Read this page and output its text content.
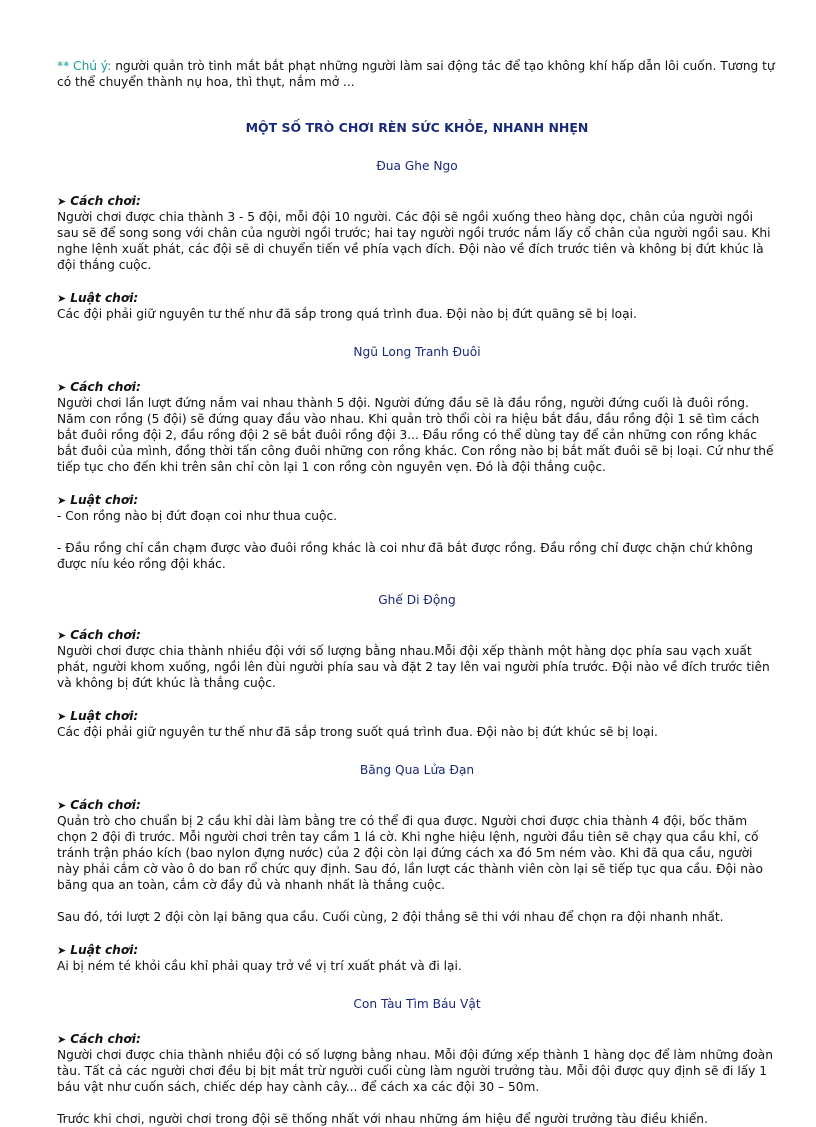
** Chú ý: người quản trò tinh mắt bắt phạt những người làm sai động tác để tạo không khí hấp dẫn lôi cuốn. Tương tự có thể chuyển thành nụ hoa, thì thụt, nắm mở ...

MỘT SỐ TRÒ CHƠI RÈN SỨC KHỎE, NHANH NHẸN

Đua Ghe Ngo

➤ Cách chơi:

Người chơi được chia thành 3 - 5 đội, mỗi đội 10 người. Các đội sẽ ngồi xuống theo hàng dọc, chân của người ngồi sau sẽ để song song với chân của người ngồi trước; hai tay người ngồi trước nắm lấy cổ chân của người ngồi sau. Khi nghe lệnh xuất phát, các đội sẽ di chuyển tiến về phía vạch đích. Đội nào về đích trước tiên và không bị đứt khúc là đội thắng cuộc.

➤ Luật chơi:

Các đội phải giữ nguyên tư thế như đã sắp trong quá trình đua. Đội nào bị đứt quãng sẽ bị loại.

Ngũ Long Tranh Đuôi

➤ Cách chơi:

Người chơi lần lượt đứng nắm vai nhau thành 5 đội. Người đứng đầu sẽ là đầu rồng, người đứng cuối là đuôi rồng. Năm con rồng (5 đội) sẽ đứng quay đầu vào nhau. Khi quản trò thổi còi ra hiệu bắt đầu, đầu rồng đội 1 sẽ tìm cách bắt đuôi rồng đội 2, đầu rồng đội 2 sẽ bắt đuôi rồng đội 3... Đầu rồng có thể dùng tay để cản những con rồng khác bắt đuôi của mình, đồng thời tấn công đuôi những con rồng khác. Con rồng nào bị bắt mất đuôi sẽ bị loại. Cứ như thế tiếp tục cho đến khi trên sân chỉ còn lại 1 con rồng còn nguyên vẹn. Đó là đội thắng cuộc.

➤ Luật chơi:

- Con rồng nào bị đứt đoạn coi như thua cuộc.

- Đầu rồng chỉ cần chạm được vào đuôi rồng khác là coi như đã bắt được rồng. Đầu rồng chỉ được chặn chứ không được níu kéo rồng đội khác.

Ghế Di Động

➤ Cách chơi:

Người chơi được chia thành nhiều đội với số lượng bằng nhau.Mỗi đội xếp thành một hàng dọc phía sau vạch xuất phát, người khom xuống, ngồi lên đùi người phía sau và đặt 2 tay lên vai người phía trước. Đội nào về đích trước tiên và không bị đứt khúc là thắng cuộc.

➤ Luật chơi:

Các đội phải giữ nguyên tư thế như đã sắp trong suốt quá trình đua. Đội nào bị đứt khúc sẽ bị loại.

Băng Qua Lửa Đạn

➤ Cách chơi:

Quản trò cho chuẩn bị 2 cầu khỉ dài làm bằng tre có thể đi qua được. Người chơi được chia thành 4 đội, bốc thăm chọn 2 đội đi trước. Mỗi người chơi trên tay cầm 1 lá cờ. Khi nghe hiệu lệnh, người đầu tiên sẽ chạy qua cầu khỉ, cố tránh trận pháo kích (bao nylon đựng nước) của 2 đội còn lại đứng cách xa đó 5m ném vào. Khi đã qua cầu, người này phải cắm cờ vào ô do ban rổ chức quy định. Sau đó, lần lượt các thành viên còn lại sẽ tiếp tục qua cầu. Đội nào băng qua an toàn, cắm cờ đầy đủ và nhanh nhất là thắng cuộc.

Sau đó, tới lượt 2 đội còn lại băng qua cầu. Cuối cùng, 2 đội thắng sẽ thi với nhau để chọn ra đội nhanh nhất.

➤ Luật chơi:

Ai bị ném té khỏi cầu khỉ phải quay trở về vị trí xuất phát và đi lại.

Con Tàu Tìm Báu Vật

➤ Cách chơi:

Người chơi được chia thành nhiều đội có số lượng bằng nhau. Mỗi đội đứng xếp thành 1 hàng dọc để làm những đoàn tàu. Tất cả các người chơi đều bị bịt mắt trừ người cuối cùng làm người trưởng tàu. Mỗi đội được quy định sẽ đi lấy 1 báu vật như cuốn sách, chiếc dép hay cành cây... để cách xa các đội 30 – 50m.

Trước khi chơi, người chơi trong đội sẽ thống nhất với nhau những ám hiệu để người trưởng tàu điều khiển.
